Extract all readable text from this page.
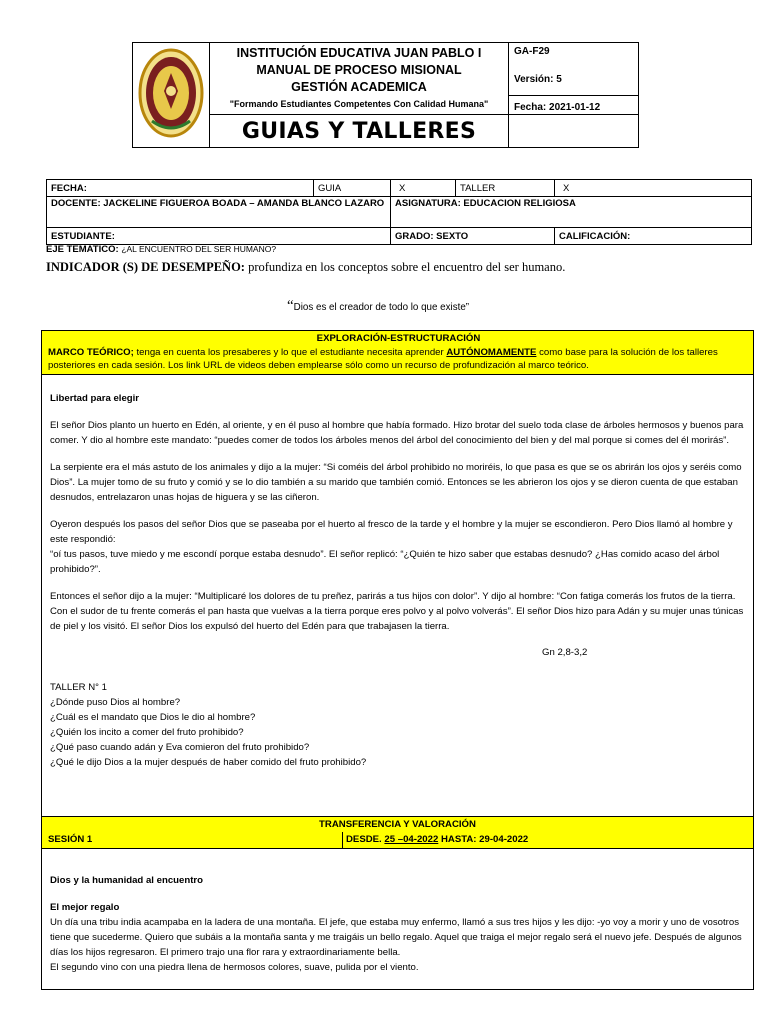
INSTITUCIÓN EDUCATIVA JUAN PABLO I
MANUAL DE PROCESO MISIONAL
GESTIÓN ACADEMICA
"Formando Estudiantes Competentes Con Calidad Humana"	GA-F29
	GUIAS Y TALLERES	Versión: 5
Fecha: 2021-01-12
FECHA:	GUIA	X	TALLER	X
DOCENTE: JACKELINE FIGUEROA BOADA – AMANDA BLANCO LAZARO		ASIGNATURA: EDUCACION RELIGIOSA		
ESTUDIANTE:		GRADO: SEXTO		CALIFICACIÓN:
EJE TEMATICO: ¿AL ENCUENTRO DEL SER HUMANO?
INDICADOR (S) DE DESEMPEÑO: profundiza en los conceptos sobre el encuentro del ser humano.
“Dios es el creador de todo lo que existe”
EXPLORACIÓN-ESTRUCTURACIÓN
MARCO TEÓRICO; tenga en cuenta los presaberes y lo que el estudiante necesita aprender AUTÓNOMAMENTE como base para la solución de los talleres posteriores en cada sesión. Los link URL de videos deben emplearse sólo como un recurso de profundización al marco teórico.
Libertad para elegir

El señor Dios planto un huerto en Edén, al oriente, y en él puso al hombre que había formado. Hizo brotar del suelo toda clase de árboles hermosos y buenos para comer. Y dio al hombre este mandato: “puedes comer de todos los árboles menos del árbol del conocimiento del bien y del mal porque si comes del él morirás”.

La serpiente era el más astuto de los animales y dijo a la mujer: “Si coméis del árbol prohibido no moriréis, lo que pasa es que se os abrirán los ojos y seréis como Dios”. La mujer tomo de su fruto y comió y se lo dio también a su marido que también comió. Entonces se les abrieron los ojos y se dieron cuenta de que estaban desnudos, entrelazaron unas hojas de higuera y se las ciñeron.

Oyeron después los pasos del señor Dios que se paseaba por el huerto al fresco de la tarde y el hombre y la mujer se escondieron. Pero Dios llamó al hombre y este respondió:

“oí tus pasos, tuve miedo y me escondí porque estaba desnudo”. El señor replicó: “¿Quién te hizo saber que estabas desnudo? ¿Has comido acaso del árbol prohibido?”.

Entonces el señor dijo a la mujer: “Multiplicaré los dolores de tu preñez, parirás a tus hijos con dolor”. Y dijo al hombre: “Con fatiga comerás los frutos de la tierra. Con el sudor de tu frente comerás el pan hasta que vuelvas a la tierra porque eres polvo y al polvo volverás”. El señor Dios hizo para Adán y su mujer unas túnicas de piel y los visitó. El señor Dios los expulsó del huerto del Edén para que trabajasen la tierra.

Gn 2,8-3,2
TALLER N° 1
¿Dónde puso Dios al hombre?
¿Cuál es el mandato que Dios le dio al hombre?
¿Quién los incito a comer del fruto prohibido?
¿Qué paso cuando adán y Eva comieron del fruto prohibido?
¿Qué le dijo Dios a la mujer después de haber comido del fruto prohibido?
TRANSFERENCIA Y VALORACIÓN
SESIÓN 1	DESDE. 25 –04-2022 HASTA: 29-04-2022
Dios y la humanidad al encuentro
El mejor regalo

Un día una tribu india acampaba en la ladera de una montaña. El jefe, que estaba muy enfermo, llamó a sus tres hijos y les dijo: -yo voy a morir y uno de vosotros tiene que sucederme. Quiero que subáis a la montaña santa y me traigáis un bello regalo. Aquel que traiga el mejor regalo será el nuevo jefe. Después de algunos días los hijos regresaron. El primero trajo una flor rara y extraordinariamente bella.

El segundo vino con una piedra llena de hermosos colores, suave, pulida por el viento.
